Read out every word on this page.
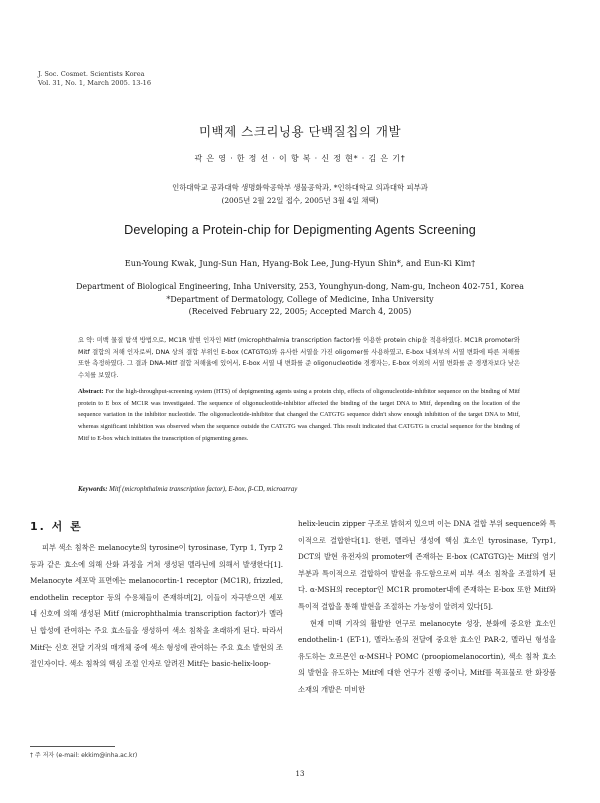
J. Soc. Cosmet. Scientists Korea
Vol. 31, No. 1, March 2005. 13-16
미백제 스크리닝용 단백질칩의 개발
곽 은 영 · 한 정 선 · 이 향 복 · 신 정 현* · 김 은 기†
인하대학교 공과대학 생명화학공학부 생물공학과, *인하대학교 의과대학 피부과
(2005년 2월 22일 접수, 2005년 3월 4일 채택)
Developing a Protein-chip for Depigmenting Agents Screening
Eun-Young Kwak, Jung-Sun Han, Hyang-Bok Lee, Jung-Hyun Shin*, and Eun-Ki Kim†
Department of Biological Engineering, Inha University, 253, Younghyun-dong, Nam-gu, Incheon 402-751, Korea
*Department of Dermatology, College of Medicine, Inha University
(Received February 22, 2005; Accepted March 4, 2005)
요 약: 미백 물질 탐색 방법으로, MC1R 발현 인자인 Mitf (microphthalmia transcription factor)를 이용한 protein chip을 적용하였다. MC1R promoter와 Mitf 결합의 저해 인자로써, DNA 상의 결합 부위인 E-box (CATGTG)와 유사한 서열을 가진 oligomer를 사용하였고, E-box 내외부의 서열 변화에 따른 저해를 또한 측정하였다. 그 결과 DNA-Mitf 결합 저해율에 있어서, E-box 서열 내 변화를 준 oligonucleotide 경쟁자는, E-box 이외의 서열 변화를 준 경쟁자보다 낮은 수치를 보였다.
Abstract: For the high-throughput-screening system (HTS) of depigmenting agents using a protein chip, effects of oligonucleotide-inhibitor sequence on the binding of Mitf protein to E box of MC1R was investigated. The sequence of oligonucleotide-inhibitor affected the binding of the target DNA to Mitf, depending on the location of the sequence variation in the inhibitor nucleotide. The oligonucleotide-inhibitor that changed the CATGTG sequence didn't show enough inhibition of the target DNA to Mitf, whereas significant inhibition was observed when the sequence outside the CATGTG was changed. This result indicated that CATGTG is crucial sequence for the binding of Mitf to E-box which initiates the transcription of pigmenting genes.
Keywords: Mitf (microphthalmia transcription factor), E-box, β-CD, microarray
1. 서 론

피부 색소 침착은 melanocyte의 tyrosine이 tyrosinase, Tyrp 1, Tyrp 2 등과 같은 효소에 의해 산화 과정을 거쳐 생성된 멜라닌에 의해서 발생한다[1]. Melanocyte 세포막 표면에는 melanocortin-1 receptor (MC1R), frizzled, endothelin receptor 등의 수용체들이 존재하며[2], 이들이 자극받으면 세포 내 신호에 의해 생성된 Mitf (microphthalmia transcription factor)가 멜라닌 합성에 관여하는 주요 효소들을 생성하여 색소 침착을 초래하게 된다. 따라서 Mitf는 신호 전달 기작의 매개체 중에 색소 형성에 관여하는 주요 효소 발현의 조절인자이다. 색소 침착의 핵심 조절 인자로 알려진 Mitf는 basic-helix-loop-

helix-leucin zipper 구조로 밝혀져 있으며 이는 DNA 결합 부위 sequence와 특이적으로 결합한다[1]. 한편, 멜라닌 생성에 핵심 효소인 tyrosinase, Tyrp1, DCT의 발현 유전자의 promoter에 존재하는 E-box (CATGTG)는 Mitf의 염기 부분과 특이적으로 결합하여 발현을 유도함으로써 피부 색소 침착을 조절하게 된다. α-MSH의 receptor인 MC1R promoter내에 존재하는 E-box 또한 Mitf와 특이적 결합을 통해 발현을 조절하는 가능성이 알려져 있다[5].

현재 미백 기작의 활발한 연구로 melanocyte 성장, 분화에 중요한 효소인 endothelin-1 (ET-1), 멜라노좀의 전달에 중요한 효소인 PAR-2, 멜라닌 형성을 유도하는 호르몬인 α-MSH나 POMC (proopiomelanocortin), 색소 침착 효소의 발현을 유도하는 Mitf에 대한 연구가 진행 중이나, Mitf를 목표물로 한 화장품 소재의 개발은 미비한

† 주 저자 (e-mail: ekkim@inha.ac.kr)
13
